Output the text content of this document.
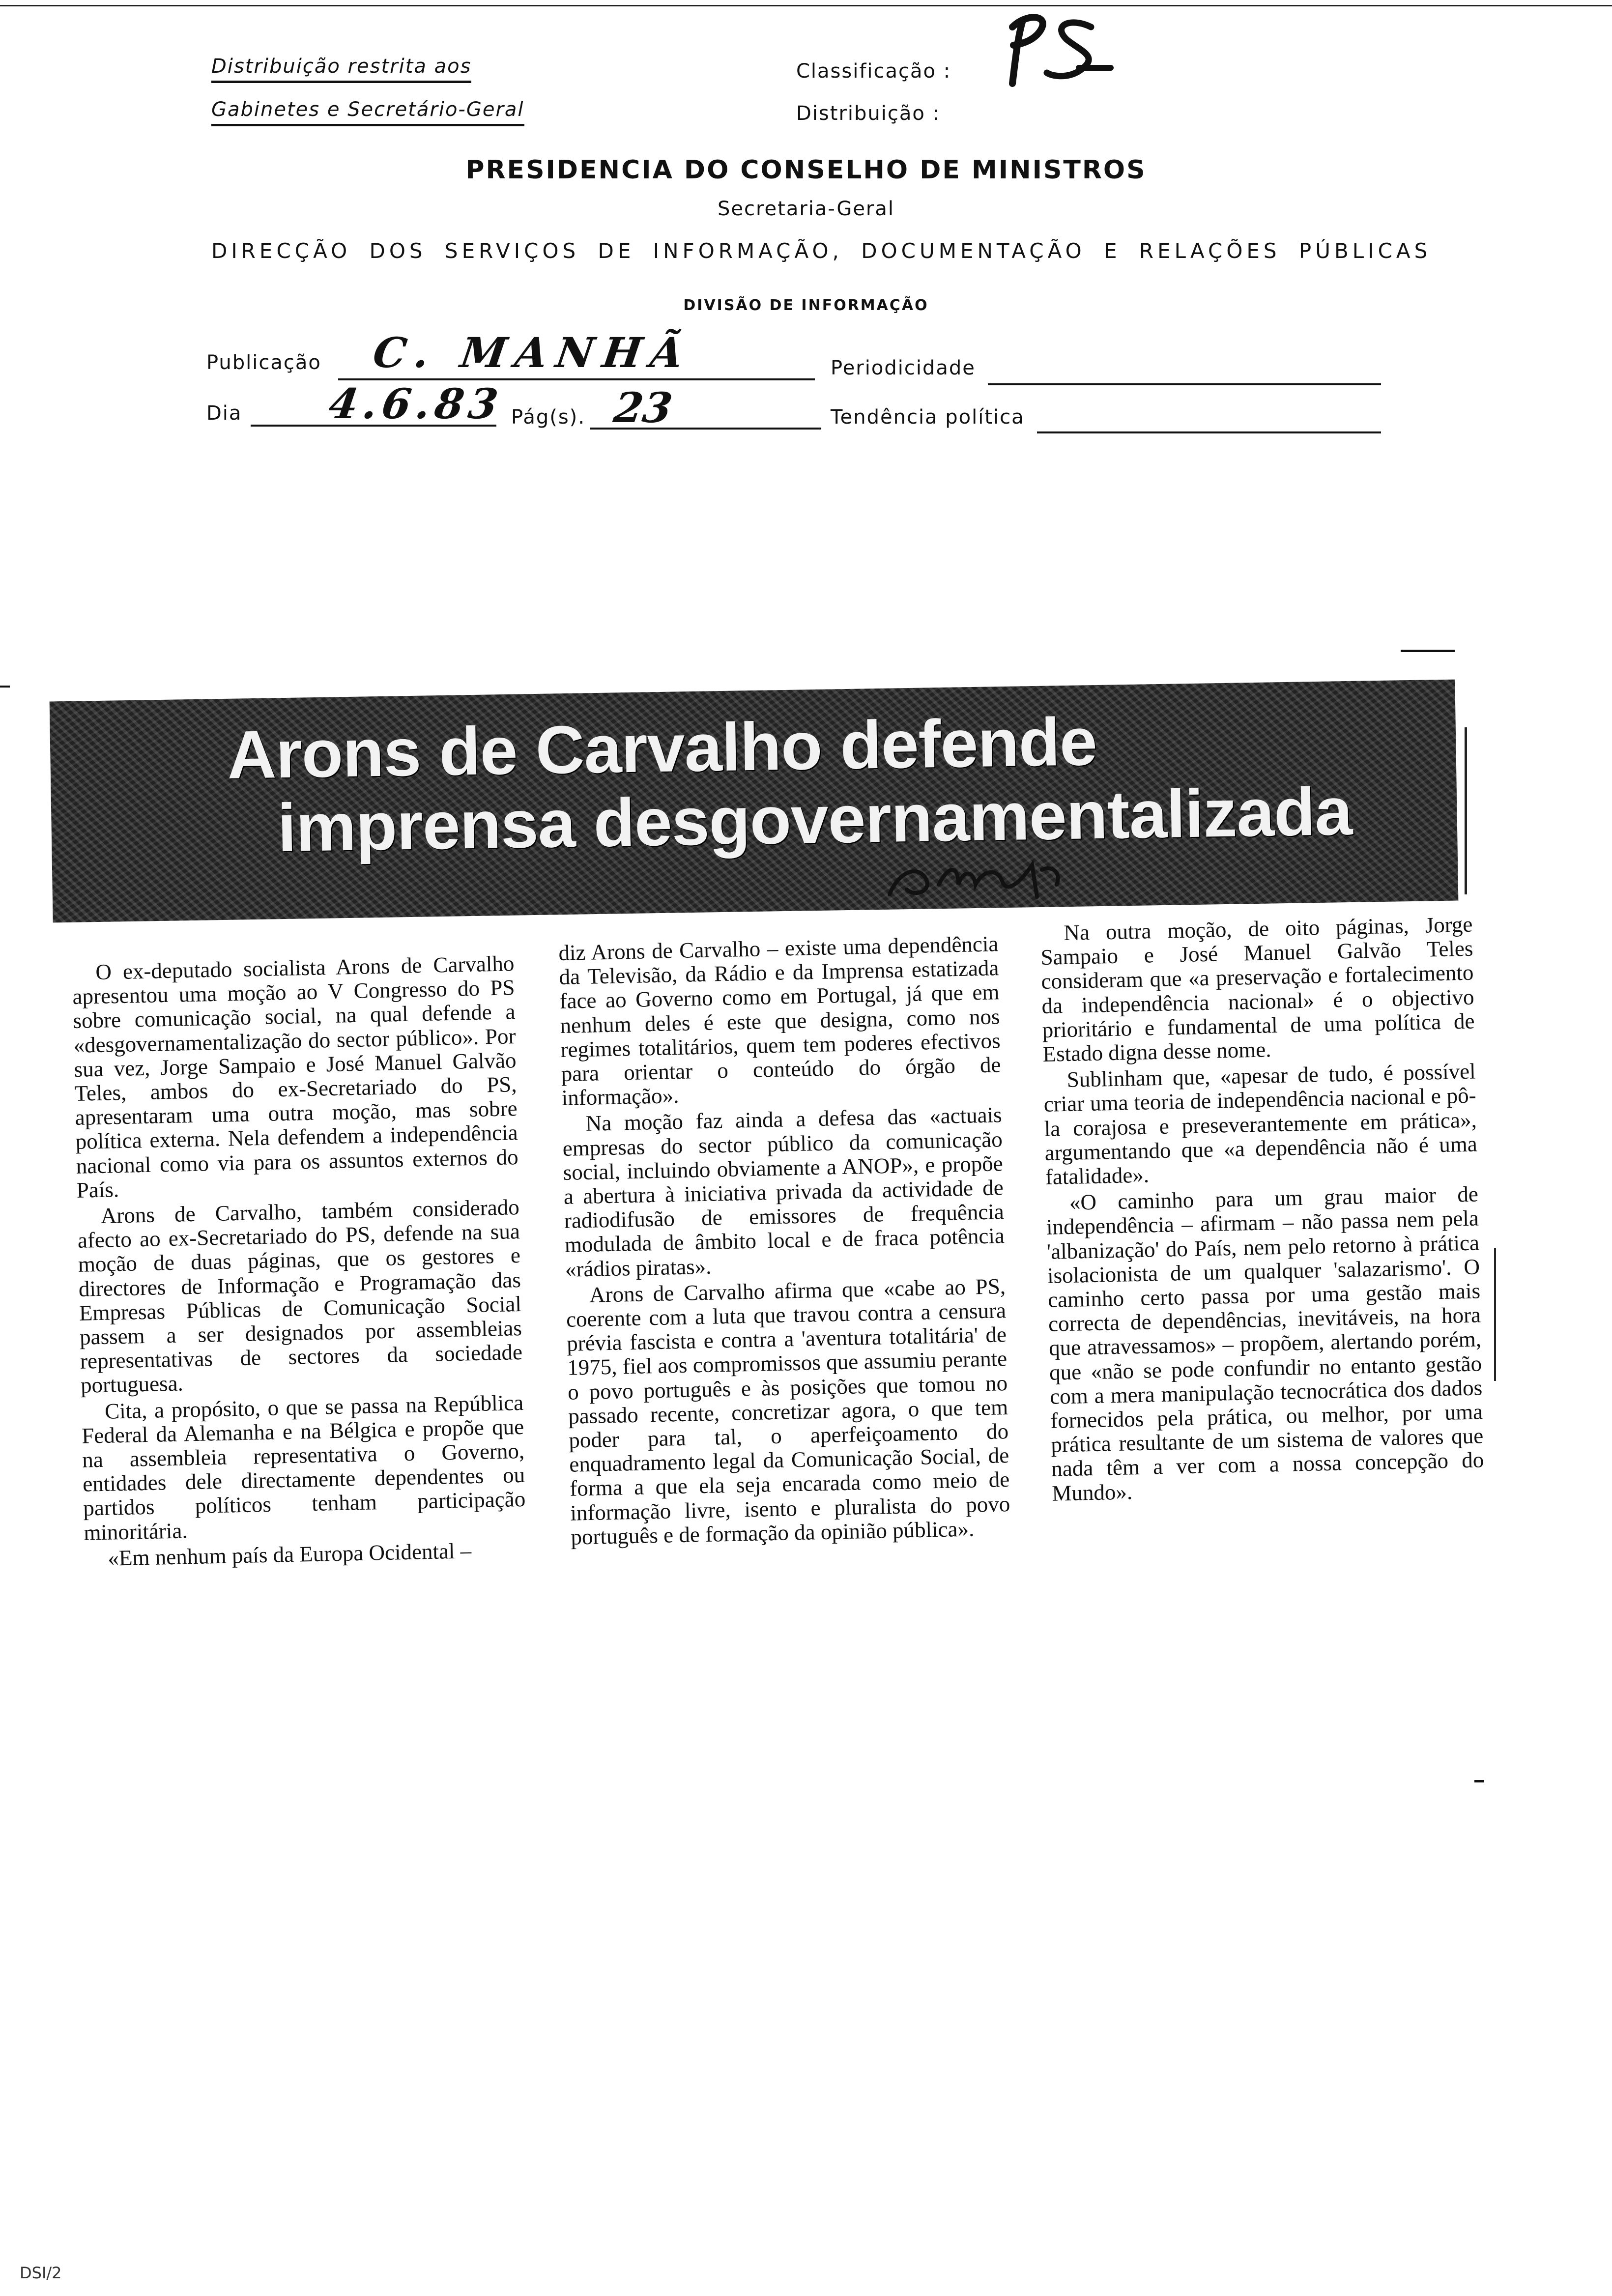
Distribuição restrita aos
Gabinetes e Secretário-Geral
Classificação :
Distribuição :
PRESIDENCIA DO CONSELHO DE MINISTROS
Secretaria-Geral
DIRECÇÃO DOS SERVIÇOS DE INFORMAÇÃO, DOCUMENTAÇÃO E RELAÇÕES PÚBLICAS
DIVISÃO DE INFORMAÇÃO
Publicação C. MANHÃ	Periodicidade
Dia 4.6.83 Pág(s). 23	Tendência política
Arons de Carvalho defende
imprensa desgovernamentalizada

O ex-deputado socialista Arons de Carvalho apresentou uma moção ao V Congresso do PS sobre comunicação social, na qual defende a «desgovernamentalização do sector público». Por sua vez, Jorge Sampaio e José Manuel Galvão Teles, ambos do ex-Secretariado do PS, apresentaram uma outra moção, mas sobre política externa. Nela defendem a independência nacional como via para os assuntos externos do País.

Arons de Carvalho, também considerado afecto ao ex-Secretariado do PS, defende na sua moção de duas páginas, que os gestores e directores de Informação e Programação das Empresas Públicas de Comunicação Social passem a ser designados por assembleias representativas de sectores da sociedade portuguesa.

Cita, a propósito, o que se passa na República Federal da Alemanha e na Bélgica e propõe que na assembleia representativa o Governo, entidades dele directamente dependentes ou partidos políticos tenham participação minoritária.

«Em nenhum país da Europa Ocidental –

diz Arons de Carvalho – existe uma dependência da Televisão, da Rádio e da Imprensa estatizada face ao Governo como em Portugal, já que em nenhum deles é este que designa, como nos regimes totalitários, quem tem poderes efectivos para orientar o conteúdo do órgão de informação».

Na moção faz ainda a defesa das «actuais empresas do sector público da comunicação social, incluindo obviamente a ANOP», e propõe a abertura à iniciativa privada da actividade de radiodifusão de emissores de frequência modulada de âmbito local e de fraca potência «rádios piratas».

Arons de Carvalho afirma que «cabe ao PS, coerente com a luta que travou contra a censura prévia fascista e contra a 'aventura totalitária' de 1975, fiel aos compromissos que assumiu perante o povo português e às posições que tomou no passado recente, concretizar agora, o que tem poder para tal, o aperfeiçoamento do enquadramento legal da Comunicação Social, de forma a que ela seja encarada como meio de informação livre, isento e pluralista do povo português e de formação da opinião pública».

Na outra moção, de oito páginas, Jorge Sampaio e José Manuel Galvão Teles consideram que «a preservação e fortalecimento da independência nacional» é o objectivo prioritário e fundamental de uma política de Estado digna desse nome.

Sublinham que, «apesar de tudo, é possível criar uma teoria de independência nacional e pô-la corajosa e preseverantemente em prática», argumentando que «a dependência não é uma fatalidade».

«O caminho para um grau maior de independência – afirmam – não passa nem pela 'albanização' do País, nem pelo retorno à prática isolacionista de um qualquer 'salazarismo'. O caminho certo passa por uma gestão mais correcta de dependências, inevitáveis, na hora que atravessamos» – propõem, alertando porém, que «não se pode confundir no entanto gestão com a mera manipulação tecnocrática dos dados fornecidos pela prática, ou melhor, por uma prática resultante de um sistema de valores que nada têm a ver com a nossa concepção do Mundo».

DSI/2
